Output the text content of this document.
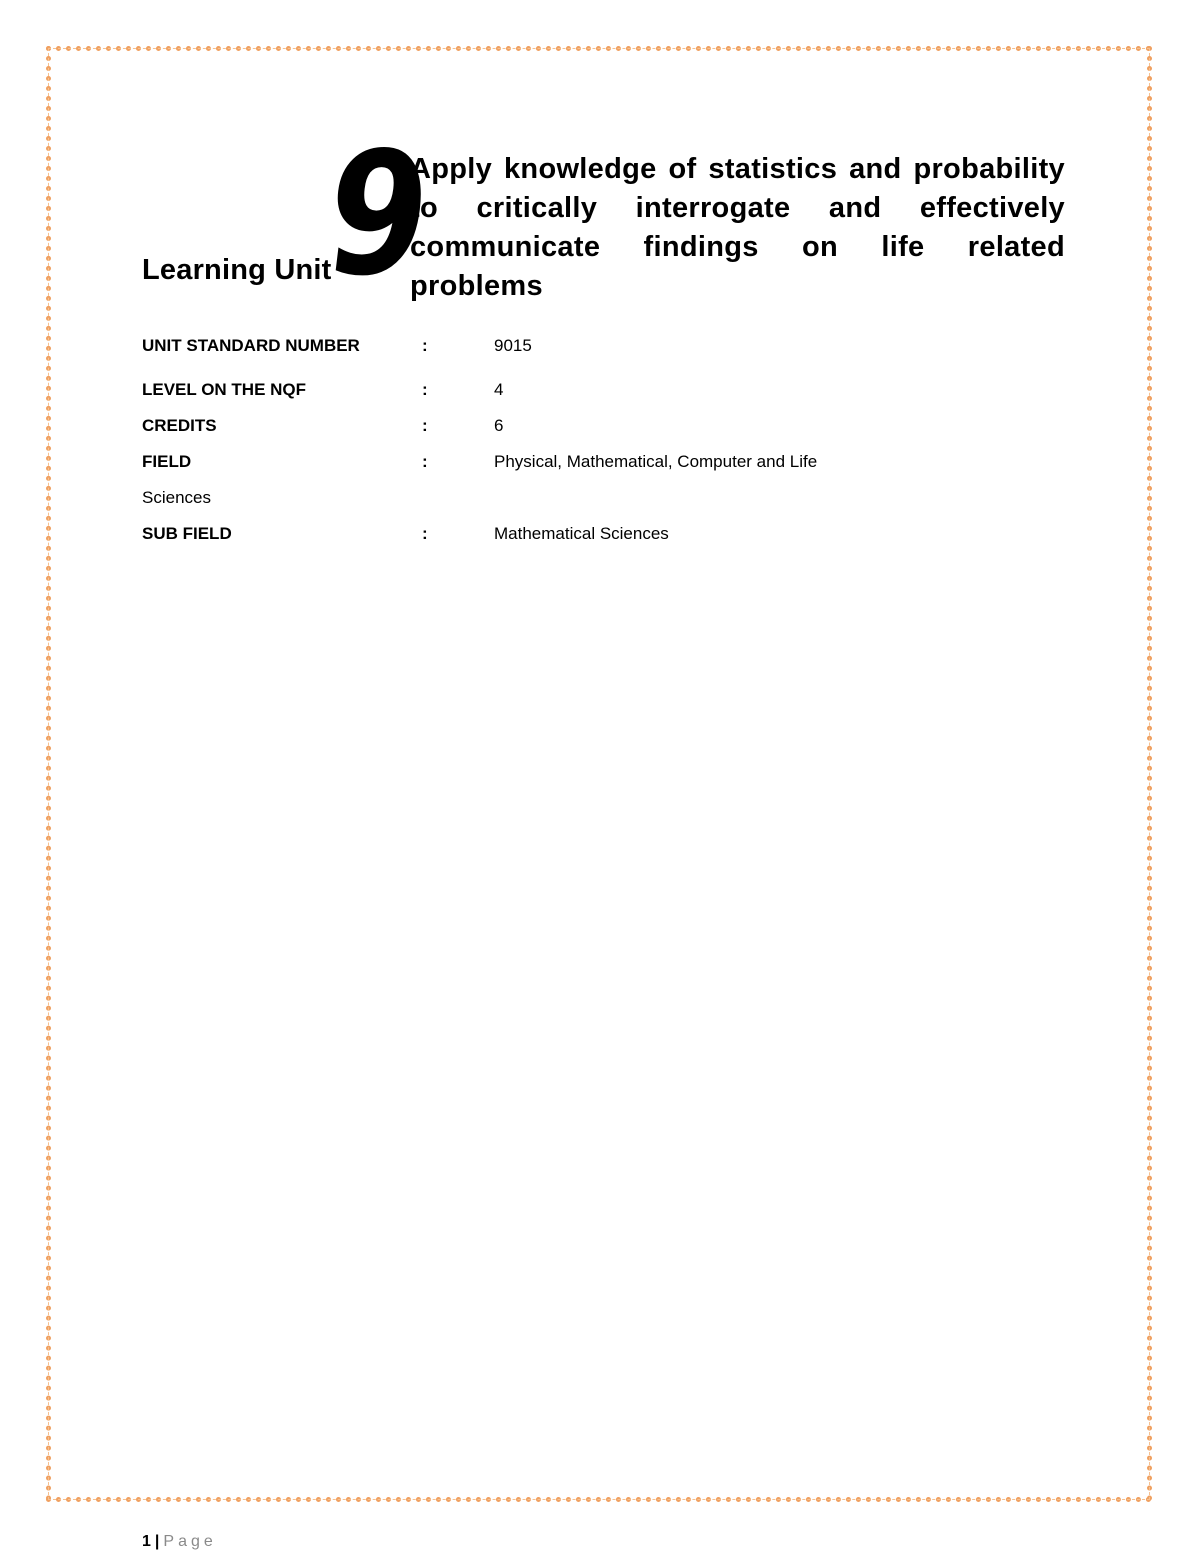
Learning Unit
9
Apply knowledge of statistics and probability to critically interrogate and effectively communicate findings on life related problems
UNIT STANDARD NUMBER	:	9015
LEVEL ON THE NQF	:	4
CREDITS	:	6
FIELD	:	Physical, Mathematical, Computer and Life
Sciences
SUB FIELD	:	Mathematical Sciences
1 | Page
